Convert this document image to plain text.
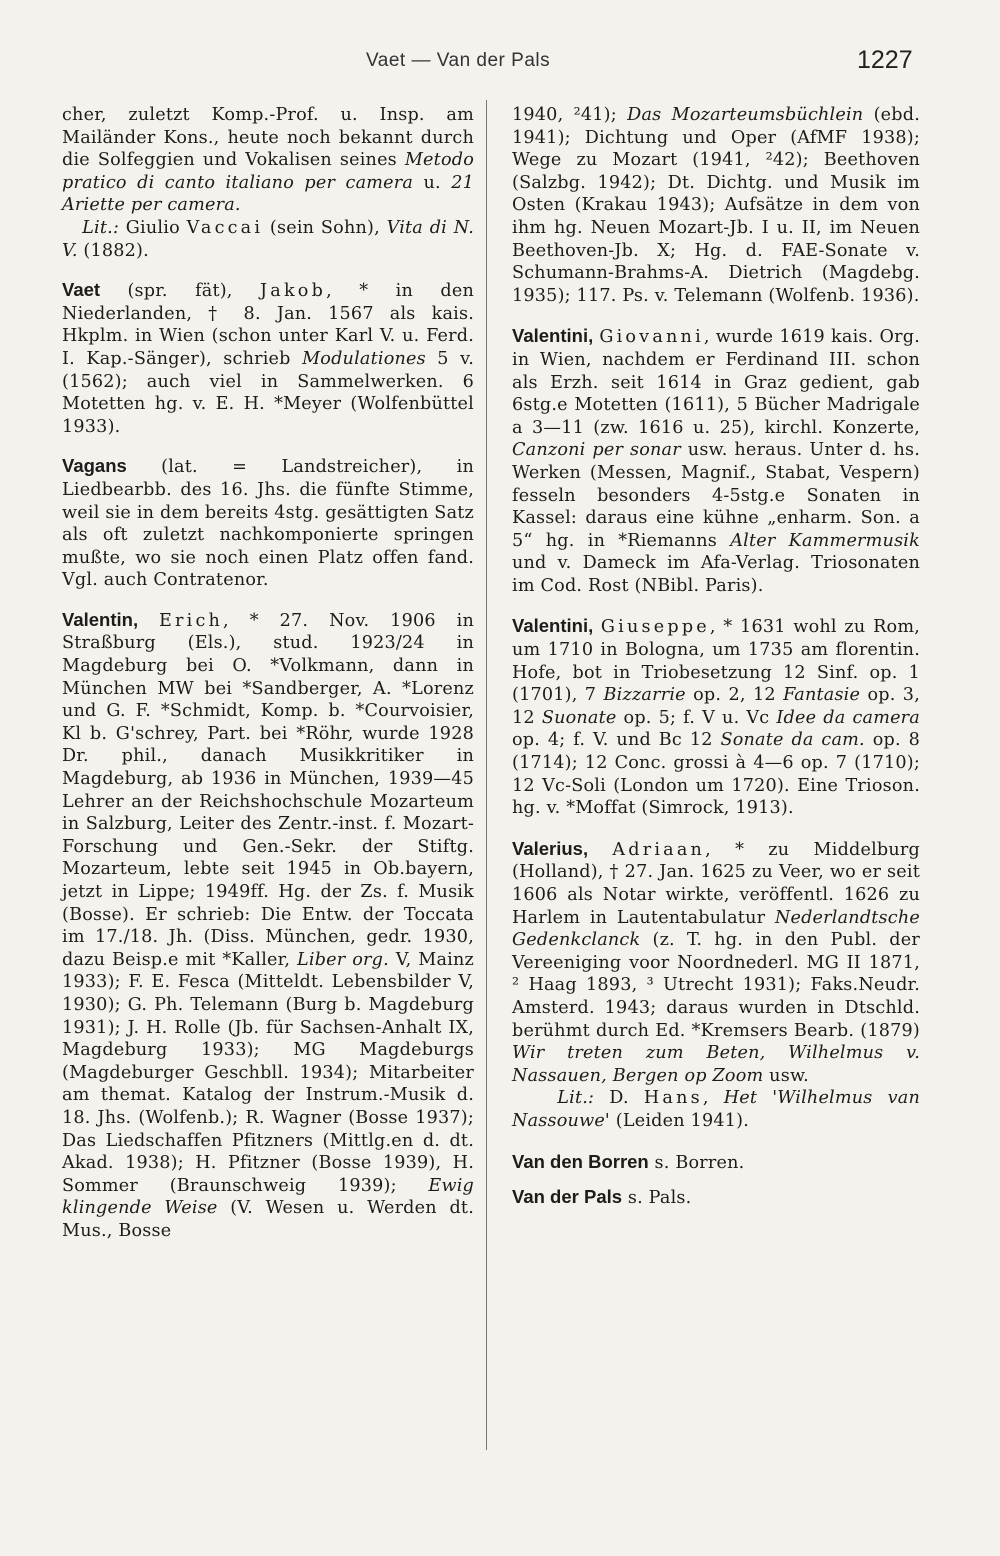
Vaet — Van der Pals	1227

cher, zuletzt Komp.-Prof. u. Insp. am Mailänder Kons., heute noch bekannt durch die Solfeggien und Vokalisen seines Metodo pratico di canto italiano per camera u. 21 Ariette per camera.

Lit.: Giulio Vaccai (sein Sohn), Vita di N. V. (1882).

Vaet (spr. fät), Jakob, * in den Niederlanden, † 8. Jan. 1567 als kais. Hkplm. in Wien (schon unter Karl V. u. Ferd. I. Kap.-Sänger), schrieb Modulationes 5 v. (1562); auch viel in Sammelwerken. 6 Motetten hg. v. E. H. *Meyer (Wolfenbüttel 1933).

Vagans (lat. = Landstreicher), in Liedbearbb. des 16. Jhs. die fünfte Stimme, weil sie in dem bereits 4stg. gesättigten Satz als oft zuletzt nachkomponierte springen mußte, wo sie noch einen Platz offen fand. Vgl. auch Contratenor.

Valentin, Erich, * 27. Nov. 1906 in Straßburg (Els.), stud. 1923/24 in Magdeburg bei O. *Volkmann, dann in München MW bei *Sandberger, A. *Lorenz und G. F. *Schmidt, Komp. b. *Courvoisier, Kl b. G'schrey, Part. bei *Röhr, wurde 1928 Dr. phil., danach Musikkritiker in Magdeburg, ab 1936 in München, 1939—45 Lehrer an der Reichshochschule Mozarteum in Salzburg, Leiter des Zentr.-inst. f. Mozart-Forschung und Gen.-Sekr. der Stiftg. Mozarteum, lebte seit 1945 in Ob.bayern, jetzt in Lippe; 1949ff. Hg. der Zs. f. Musik (Bosse). Er schrieb: Die Entw. der Toccata im 17./18. Jh. (Diss. München, gedr. 1930, dazu Beisp.e mit *Kaller, Liber org. V, Mainz 1933); F. E. Fesca (Mitteldt. Lebensbilder V, 1930); G. Ph. Telemann (Burg b. Magdeburg 1931); J. H. Rolle (Jb. für Sachsen-Anhalt IX, Magdeburg 1933); MG Magdeburgs (Magdeburger Geschbll. 1934); Mitarbeiter am themat. Katalog der Instrum.-Musik d. 18. Jhs. (Wolfenb.); R. Wagner (Bosse 1937); Das Liedschaffen Pfitzners (Mittlg.en d. dt. Akad. 1938); H. Pfitzner (Bosse 1939), H. Sommer (Braunschweig 1939); Ewig klingende Weise (V. Wesen u. Werden dt. Mus., Bosse

1940, ²41); Das Mozarteumsbüchlein (ebd. 1941); Dichtung und Oper (AfMF 1938); Wege zu Mozart (1941, ²42); Beethoven (Salzbg. 1942); Dt. Dichtg. und Musik im Osten (Krakau 1943); Aufsätze in dem von ihm hg. Neuen Mozart-Jb. I u. II, im Neuen Beethoven-Jb. X; Hg. d. FAE-Sonate v. Schumann-Brahms-A. Dietrich (Magdebg. 1935); 117. Ps. v. Telemann (Wolfenb. 1936).

Valentini, Giovanni, wurde 1619 kais. Org. in Wien, nachdem er Ferdinand III. schon als Erzh. seit 1614 in Graz gedient, gab 6stg.e Motetten (1611), 5 Bücher Madrigale a 3—11 (zw. 1616 u. 25), kirchl. Konzerte, Canzoni per sonar usw. heraus. Unter d. hs. Werken (Messen, Magnif., Stabat, Vespern) fesseln besonders 4-5stg.e Sonaten in Kassel: daraus eine kühne „enharm. Son. a 5“ hg. in *Riemanns Alter Kammermusik und v. Dameck im Afa-Verlag. Triosonaten im Cod. Rost (NBibl. Paris).

Valentini, Giuseppe, * 1631 wohl zu Rom, um 1710 in Bologna, um 1735 am florentin. Hofe, bot in Triobesetzung 12 Sinf. op. 1 (1701), 7 Bizzarrie op. 2, 12 Fantasie op. 3, 12 Suonate op. 5; f. V u. Vc Idee da camera op. 4; f. V. und Bc 12 Sonate da cam. op. 8 (1714); 12 Conc. grossi à 4—6 op. 7 (1710); 12 Vc-Soli (London um 1720). Eine Trioson. hg. v. *Moffat (Simrock, 1913).

Valerius, Adriaan, * zu Middelburg (Holland), † 27. Jan. 1625 zu Veer, wo er seit 1606 als Notar wirkte, veröffentl. 1626 zu Harlem in Lautentabulatur Nederlandtsche Gedenkclanck (z. T. hg. in den Publ. der Vereeniging voor Noordnederl. MG II 1871, ² Haag 1893, ³ Utrecht 1931); Faks.Neudr. Amsterd. 1943; daraus wurden in Dtschld. berühmt durch Ed. *Kremsers Bearb. (1879) Wir treten zum Beten, Wilhelmus v. Nassauen, Bergen op Zoom usw.

Lit.: D. Hans, Het 'Wilhelmus van Nassouwe' (Leiden 1941).

Van den Borren s. Borren.

Van der Pals s. Pals.
